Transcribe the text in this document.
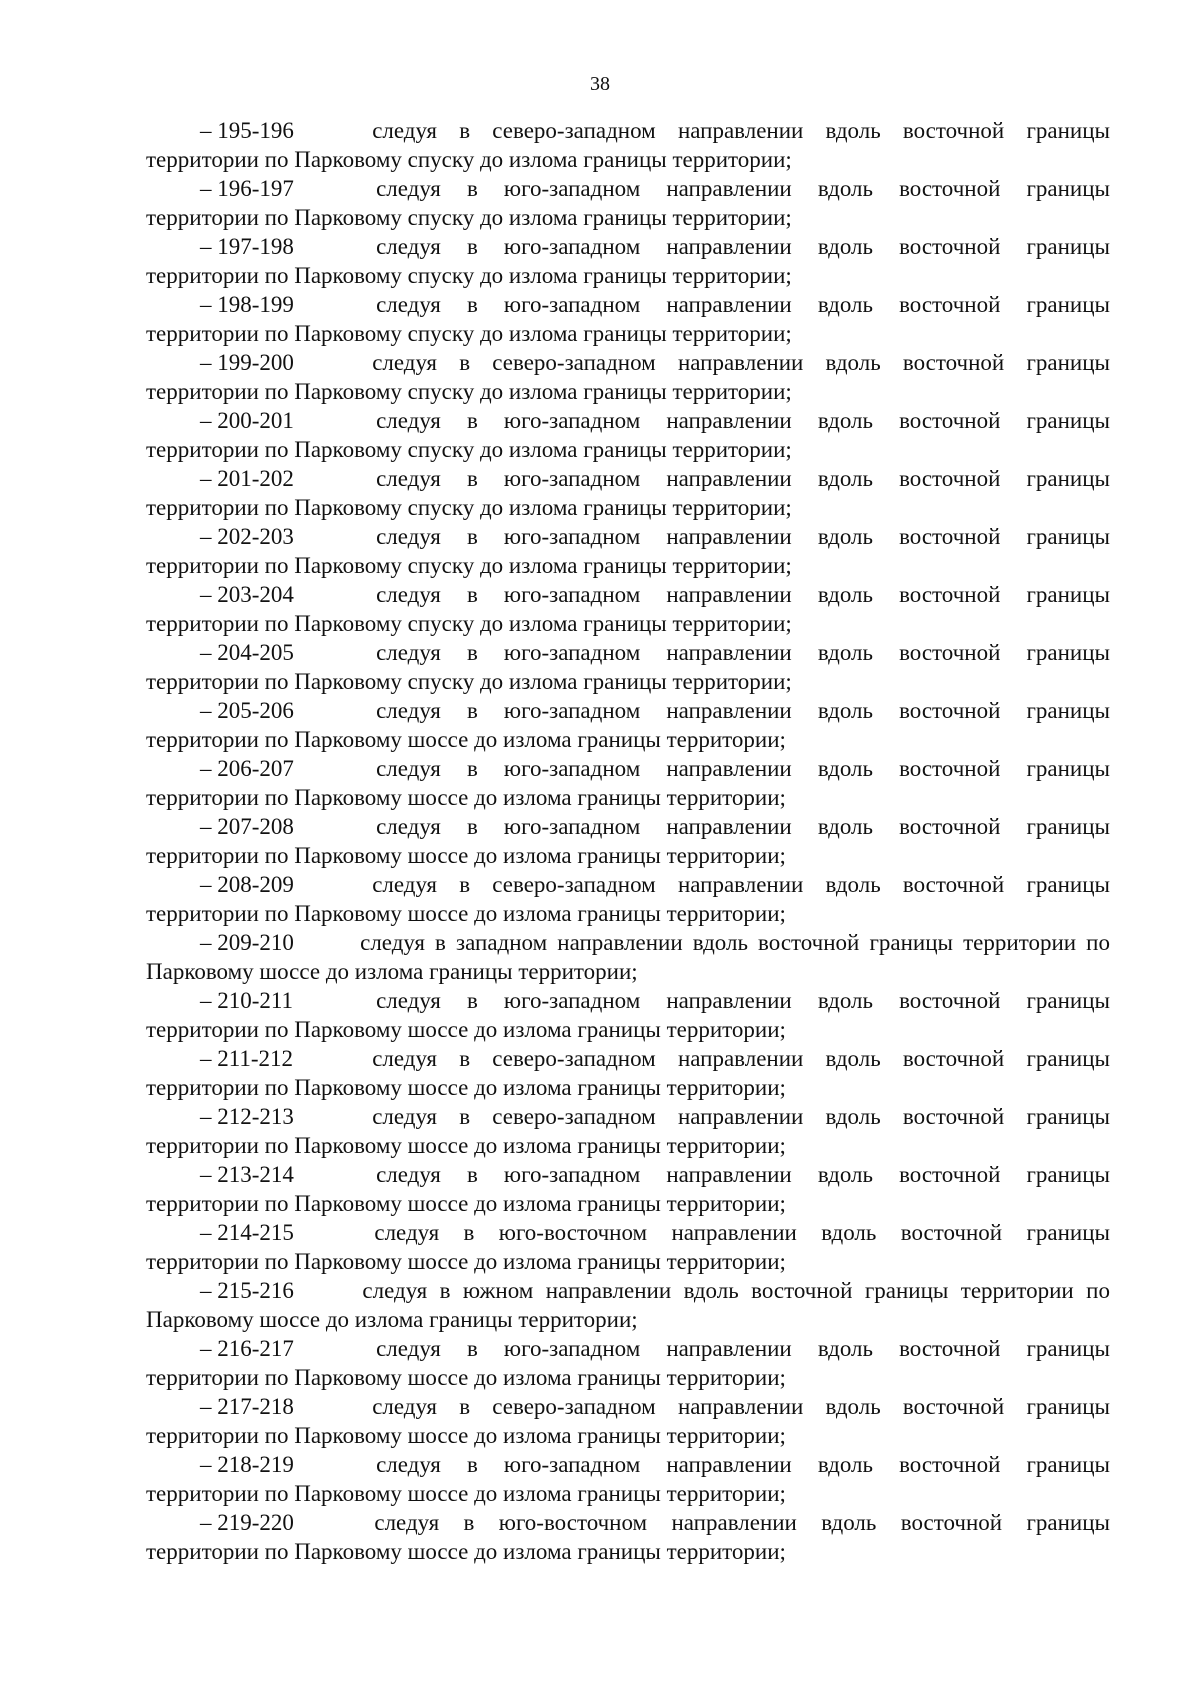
38
– 195-196	следуя в северо-западном направлении вдоль восточной границы
территории по Парковому спуску до излома границы территории;
– 196-197	следуя в юго-западном направлении вдоль восточной границы
территории по Парковому спуску до излома границы территории;
– 197-198	следуя в юго-западном направлении вдоль восточной границы
территории по Парковому спуску до излома границы территории;
– 198-199	следуя в юго-западном направлении вдоль восточной границы
территории по Парковому спуску до излома границы территории;
– 199-200	следуя в северо-западном направлении вдоль восточной границы
территории по Парковому спуску до излома границы территории;
– 200-201	следуя в юго-западном направлении вдоль восточной границы
территории по Парковому спуску до излома границы территории;
– 201-202	следуя в юго-западном направлении вдоль восточной границы
территории по Парковому спуску до излома границы территории;
– 202-203	следуя в юго-западном направлении вдоль восточной границы
территории по Парковому спуску до излома границы территории;
– 203-204	следуя в юго-западном направлении вдоль восточной границы
территории по Парковому спуску до излома границы территории;
– 204-205	следуя в юго-западном направлении вдоль восточной границы
территории по Парковому спуску до излома границы территории;
– 205-206	следуя в юго-западном направлении вдоль восточной границы
территории по Парковому шоссе до излома границы территории;
– 206-207	следуя в юго-западном направлении вдоль восточной границы
территории по Парковому шоссе до излома границы территории;
– 207-208	следуя в юго-западном направлении вдоль восточной границы
территории по Парковому шоссе до излома границы территории;
– 208-209	следуя в северо-западном направлении вдоль восточной границы
территории по Парковому шоссе до излома границы территории;
– 209-210	следуя в западном направлении вдоль восточной границы территории по
Парковому шоссе до излома границы территории;
– 210-211	следуя в юго-западном направлении вдоль восточной границы
территории по Парковому шоссе до излома границы территории;
– 211-212	следуя в северо-западном направлении вдоль восточной границы
территории по Парковому шоссе до излома границы территории;
– 212-213	следуя в северо-западном направлении вдоль восточной границы
территории по Парковому шоссе до излома границы территории;
– 213-214	следуя в юго-западном направлении вдоль восточной границы
территории по Парковому шоссе до излома границы территории;
– 214-215	следуя в юго-восточном направлении вдоль восточной границы
территории по Парковому шоссе до излома границы территории;
– 215-216	следуя в южном направлении вдоль восточной границы территории по
Парковому шоссе до излома границы территории;
– 216-217	следуя в юго-западном направлении вдоль восточной границы
территории по Парковому шоссе до излома границы территории;
– 217-218	следуя в северо-западном направлении вдоль восточной границы
территории по Парковому шоссе до излома границы территории;
– 218-219	следуя в юго-западном направлении вдоль восточной границы
территории по Парковому шоссе до излома границы территории;
– 219-220	следуя в юго-восточном направлении вдоль восточной границы
территории по Парковому шоссе до излома границы территории;
